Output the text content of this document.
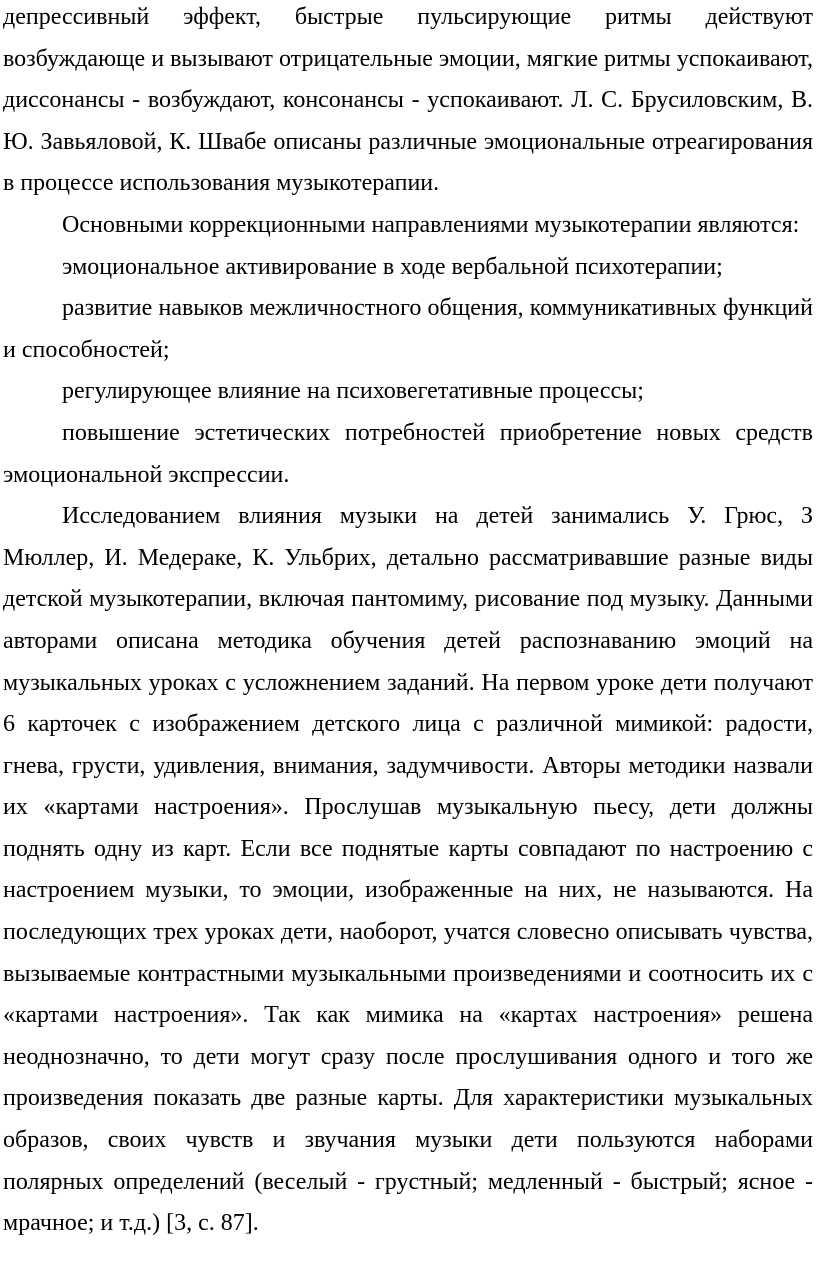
депрессивный эффект, быстрые пульсирующие ритмы действуют возбуждающе и вызывают отрицательные эмоции, мягкие ритмы успокаивают, диссонансы - возбуждают, консонансы - успокаивают. Л. С. Брусиловским, В. Ю. Завьяловой, К. Швабе описаны различные эмоциональные отреагирования в процессе использования музыкотерапии.

Основными коррекционными направлениями музыкотерапии являются:

эмоциональное активирование в ходе вербальной психотерапии;

развитие навыков межличностного общения, коммуникативных функций и способностей;

регулирующее влияние на психовегетативные процессы;

повышение эстетических потребностей приобретение новых средств эмоциональной экспрессии.

Исследованием влияния музыки на детей занимались У. Грюс, З Мюллер, И. Медераке, К. Ульбрих, детально рассматривавшие разные виды детской музыкотерапии, включая пантомиму, рисование под музыку. Данными авторами описана методика обучения детей распознаванию эмоций на музыкальных уроках с усложнением заданий. На первом уроке дети получают 6 карточек с изображением детского лица с различной мимикой: радости, гнева, грусти, удивления, внимания, задумчивости. Авторы методики назвали их «картами настроения». Прослушав музыкальную пьесу, дети должны поднять одну из карт. Если все поднятые карты совпадают по настроению с настроением музыки, то эмоции, изображенные на них, не называются. На последующих трех уроках дети, наоборот, учатся словесно описывать чувства, вызываемые контрастными музыкальными произведениями и соотносить их с «картами настроения». Так как мимика на «картах настроения» решена неоднозначно, то дети могут сразу после прослушивания одного и того же произведения показать две разные карты. Для характеристики музыкальных образов, своих чувств и звучания музыки дети пользуются наборами полярных определений (веселый - грустный; медленный - быстрый; ясное - мрачное; и т.д.) [3, с. 87].
